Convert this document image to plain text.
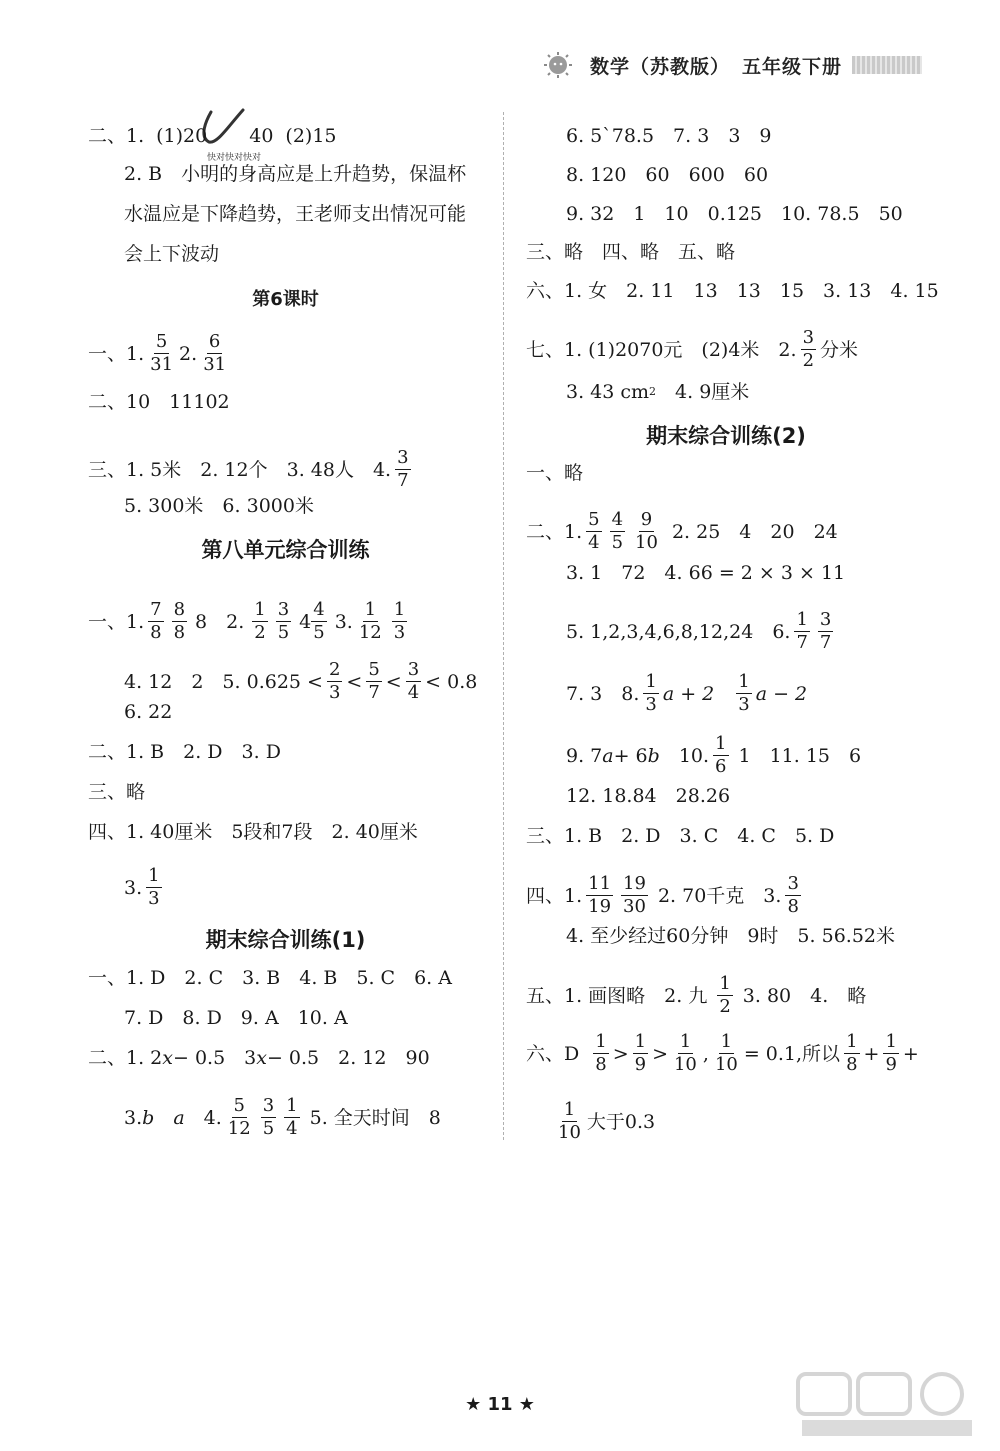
数学（苏教版） 五年级下册
快对快对快对
二、1. (1)20 40 (2)15
2. B　小明的身高应是上升趋势，保温杯水温应是下降趋势，王老师支出情况可能会上下波动
第6课时
一、1. $\frac{5}{31} 2$. $\frac{6}{31}$
二、10　11102
三、1. 5米　2. 12个　3. 48人　4. $\frac{3}{7}$
5. 300米　6. 3000米
第八单元综合训练
一、1. $\frac{7}{8} \frac{8}{8} 8$　2. $\frac{1}{2} \frac{3}{5} 4 \frac{4}{5} 3$. $\frac{1}{12} \frac{1}{3}$
4. 12　2　5. $0.625 < \frac{2}{3} < \frac{5}{7} < \frac{3}{4} < 0.8$
6. 22
二、1. B　2. D　3. D
三、略
四、1. 40厘米　5段和7段　2. 40厘米
3. $\frac{1}{3}$
期末综合训练(1)
一、1. D　2. C　3. B　4. B　5. C　6. A
7. D　8. D　9. A　10. A
二、1. 2 x − 0.5　3 x − 0.5　2. 12　90
3. b
　 a 　4. $\frac{5}{12} \frac{3}{5} \frac{1}{4} 5$. 全天时间　8
6. 5ˋ78.5　7. 3　3　9
8. 120　60　600　60
9. 32　1　10　0.125　10. 78.5　50
三、略　四、略　五、略
六、1. 女　2. 11　13　13　15　3. 13　4. 15
七、1. (1)2070元　(2)4米　2. $\frac{3}{2}$ 分米
3. 43 cm 2 　4. 9厘米
期末综合训练(2)
一、略
二、1. $\frac{5}{4} \frac{4}{5} \frac{9}{10} 2$. 25　4　20　24
3. 1　72　4. 66 = 2 × 3 × 11
5. 1,2,3,4,6,8,12,24　6. $\frac{1}{7} \frac{3}{7}$
7. 3　8. $\frac{1}{3}$ $a + 2 \frac{1}{3}$ a − 2
9. 7 a + 6 b 　10. $\frac{1}{6} 1$　11. 15　6
12. 18.84　28.26
三、1. B　2. D　3. C　4. C　5. D
四、1. $\frac{11}{19} \frac{19}{30} 2$. 70千克　3. $\frac{3}{8}$
4. 至少经过60分钟　9时　5. 56.52米
五、1. 画图略　2. 九 $\frac{1}{2} 3$. 80　4.　略
六、D $\frac{1}{8} > \frac{1}{9} > \frac{1}{10}$ , $\frac{1}{10} = 0.1$,所以 $\frac{1}{8} + \frac{1}{9}$ +
$\frac{1}{10}$ 大于0.3
★ 11 ★
